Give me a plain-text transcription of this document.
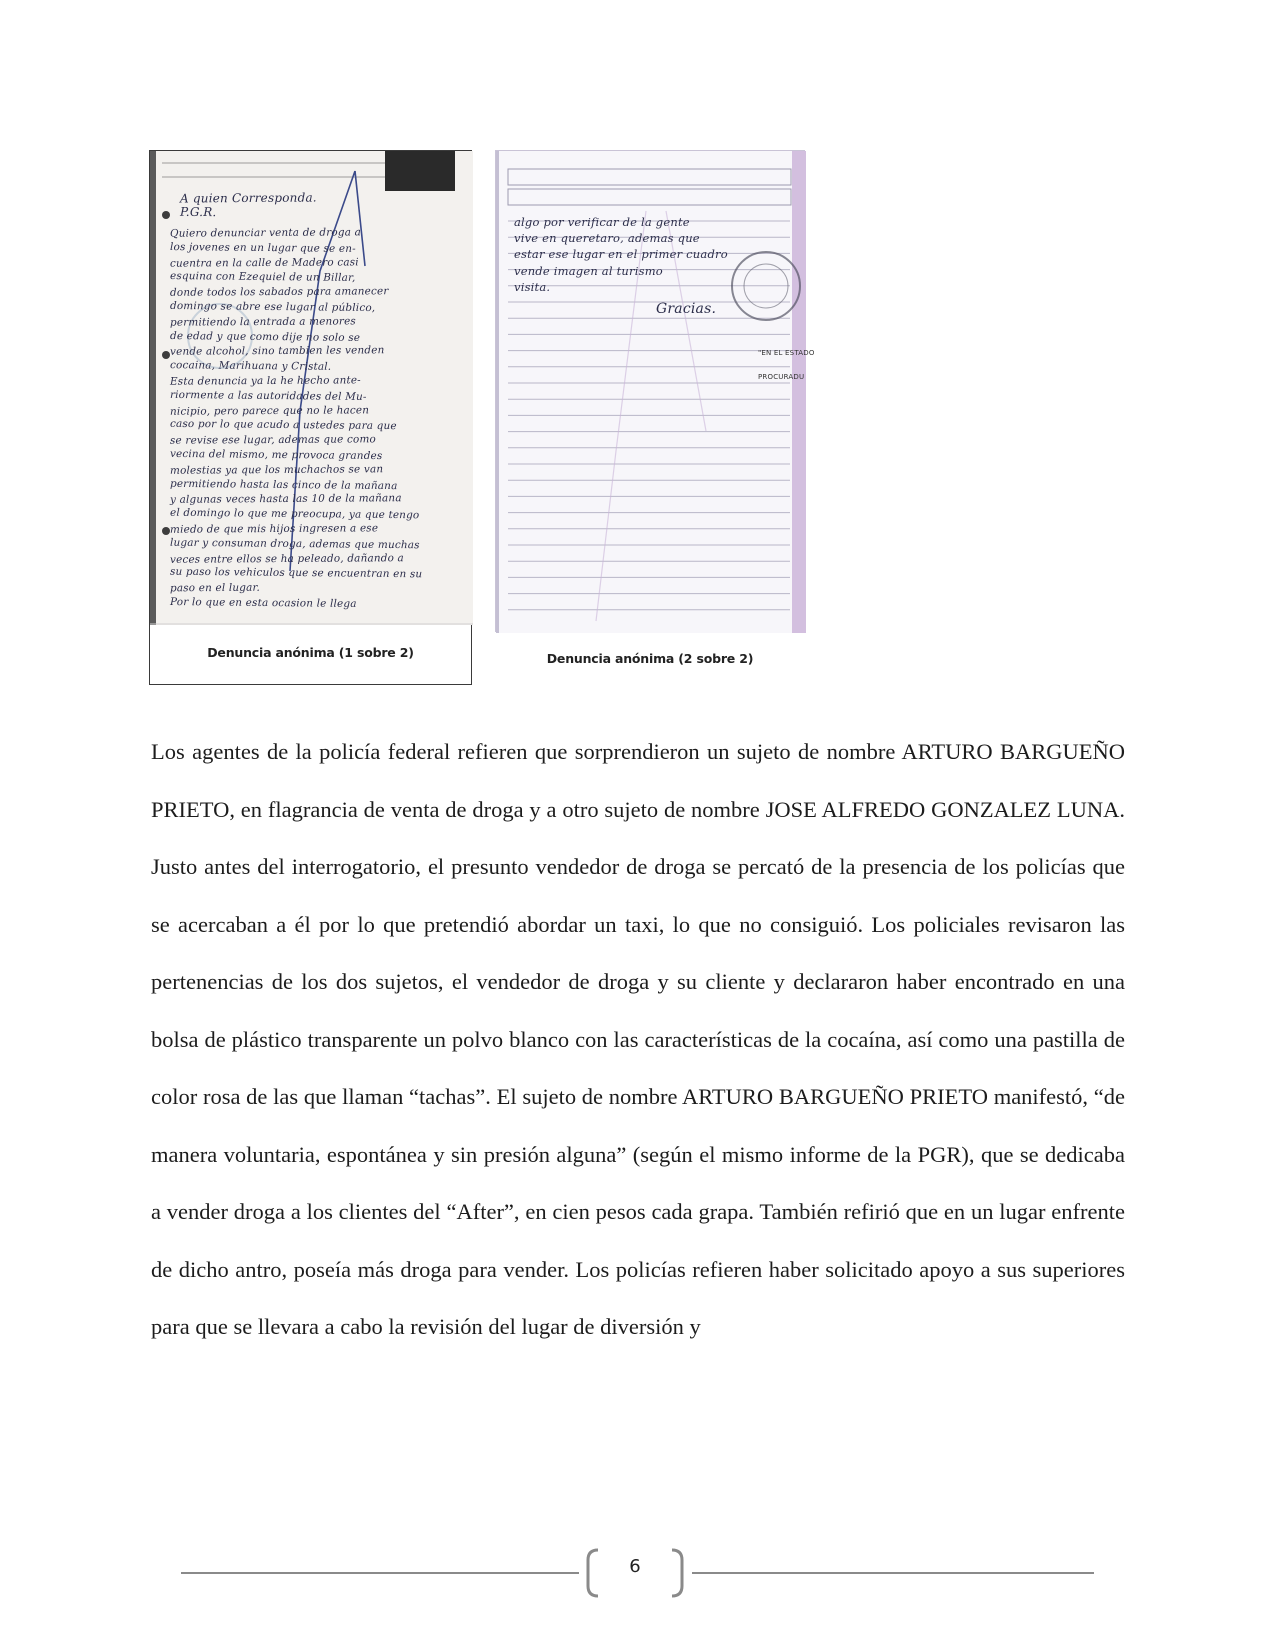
A quien Corresponda.
P.G.R.
Quiero denunciar venta de droga a
los jovenes en un lugar que se en-
cuentra en la calle de Madero casi
esquina con Ezequiel de un Billar,
donde todos los sabados para amanecer
domingo se abre ese lugar al público,
permitiendo la entrada a menores
de edad y que como dije no solo se
vende alcohol, sino tambien les venden
cocaina, Marihuana y Cristal.
Esta denuncia ya la he hecho ante-
riormente a las autoridades del Mu-
nicipio, pero parece que no le hacen
caso por lo que acudo a ustedes para que
se revise ese lugar, ademas que como
vecina del mismo, me provoca grandes
molestias ya que los muchachos se van
permitiendo hasta las cinco de la mañana
y algunas veces hasta las 10 de la mañana
el domingo lo que me preocupa, ya que tengo
miedo de que mis hijos ingresen a ese
lugar y consuman droga, ademas que muchas
veces entre ellos se ha peleado, dañando a
su paso los vehiculos que se encuentran en su
paso en el lugar.
Por lo que en esta ocasion le llega
Denuncia anónima (1 sobre 2)
algo por verificar de la gente
vive en queretaro, ademas que
estar ese lugar en el primer cuadro
vende imagen al turismo
visita.
Gracias.
"EN EL ESTADO
PROCURADU
Denuncia anónima (2 sobre 2)

Los agentes de la policía federal refieren que sorprendieron un sujeto de nombre ARTURO BARGUEÑO PRIETO, en flagrancia de venta de droga y a otro sujeto de nombre JOSE ALFREDO GONZALEZ LUNA. Justo antes del interrogatorio, el presunto vendedor de droga se percató de la presencia de los policías que se acercaban a él por lo que pretendió abordar un taxi, lo que no consiguió. Los policiales revisaron las pertenencias de los dos sujetos, el vendedor de droga y su cliente y declararon haber encontrado en una bolsa de plástico transparente un polvo blanco con las características de la cocaína, así como una pastilla de color rosa de las que llaman “tachas”. El sujeto de nombre ARTURO BARGUEÑO PRIETO manifestó, “de manera voluntaria, espontánea y sin presión alguna” (según el mismo informe de la PGR), que se dedicaba a vender droga a los clientes del “After”, en cien pesos cada grapa. También refirió que en un lugar enfrente de dicho antro, poseía más droga para vender. Los policías refieren haber solicitado apoyo a sus superiores para que se llevara a cabo la revisión del lugar de diversión y

6
